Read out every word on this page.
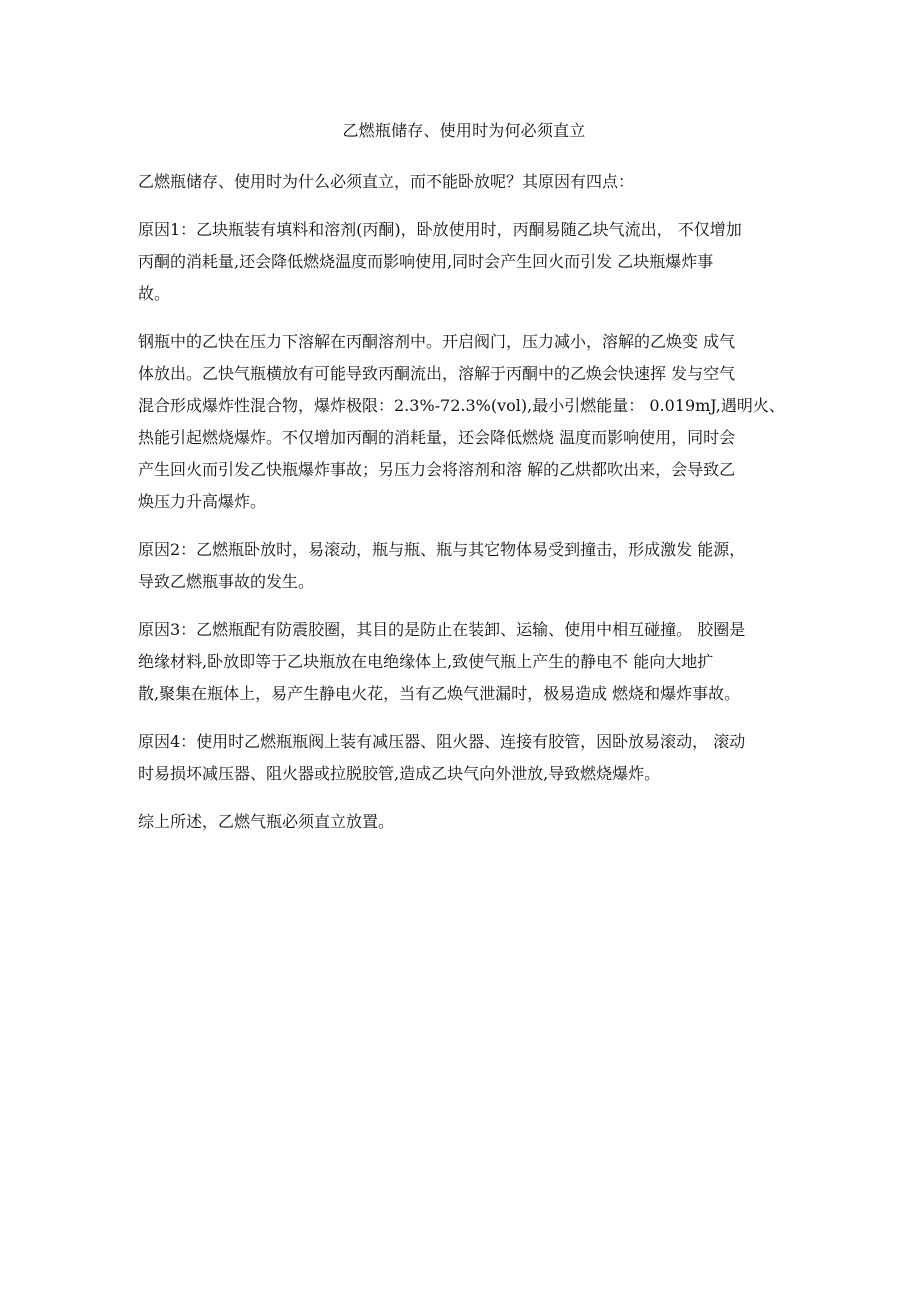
乙燃瓶储存、使用时为何必须直立
乙燃瓶储存、使用时为什么必须直立，而不能卧放呢？其原因有四点：
原因1：乙块瓶装有填料和溶剂(丙酮)，卧放使用时，丙酮易随乙块气流出， 不仅增加
丙酮的消耗量,还会降低燃烧温度而影响使用,同时会产生回火而引发 乙块瓶爆炸事
故。
钢瓶中的乙快在压力下溶解在丙酮溶剂中。开启阀门，压力减小，溶解的乙焕变 成气
体放出。乙快气瓶横放有可能导致丙酮流出，溶解于丙酮中的乙焕会快速挥 发与空气
混合形成爆炸性混合物，爆炸极限：2.3%-72.3%(vol),最小引燃能量： 0.019mJ,遇明火、
热能引起燃烧爆炸。不仅增加丙酮的消耗量，还会降低燃烧 温度而影响使用，同时会
产生回火而引发乙快瓶爆炸事故；另压力会将溶剂和溶 解的乙烘都吹出来，会导致乙
焕压力升高爆炸。
原因2：乙燃瓶卧放时，易滚动，瓶与瓶、瓶与其它物体易受到撞击，形成激发 能源，
导致乙燃瓶事故的发生。
原因3：乙燃瓶配有防震胶圈，其目的是防止在装卸、运输、使用中相互碰撞。 胶圈是
绝缘材料,卧放即等于乙块瓶放在电绝缘体上,致使气瓶上产生的静电不 能向大地扩
散,聚集在瓶体上，易产生静电火花，当有乙焕气泄漏时，极易造成 燃烧和爆炸事故。
原因4：使用时乙燃瓶瓶阀上装有减压器、阻火器、连接有胶管，因卧放易滚动， 滚动
时易损坏减压器、阻火器或拉脱胶管,造成乙块气向外泄放,导致燃烧爆炸。
综上所述，乙燃气瓶必须直立放置。
